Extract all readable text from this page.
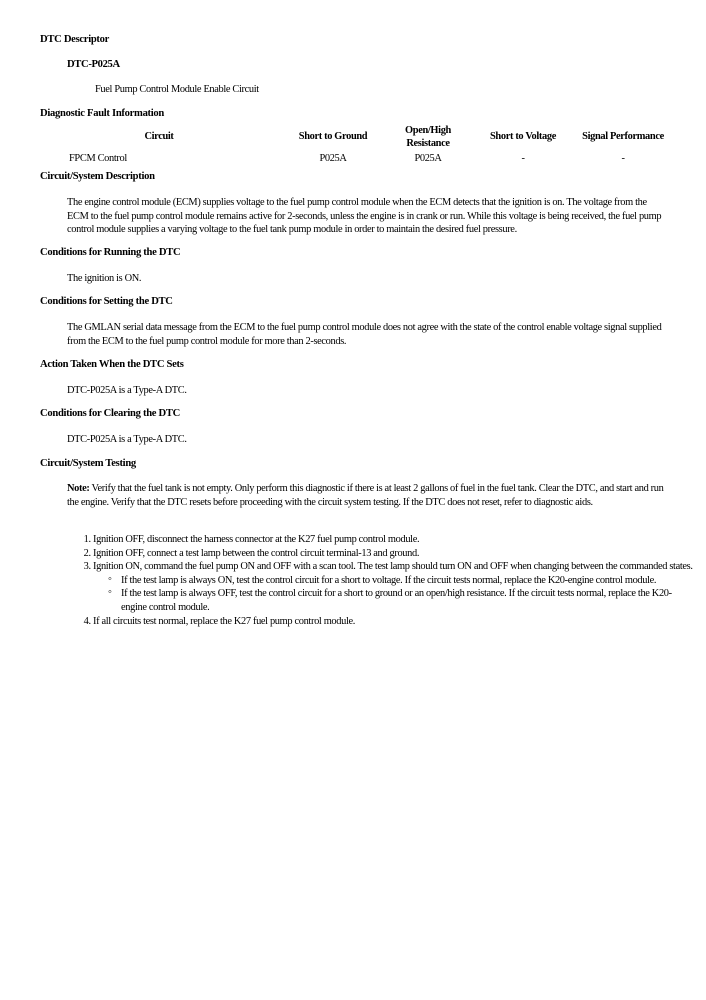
DTC Descriptor
DTC-P025A
Fuel Pump Control Module Enable Circuit
Diagnostic Fault Information
Circuit	Short to Ground	Open/High Resistance	Short to Voltage	Signal Performance
FPCM Control	P025A	P025A	-	-
Circuit/System Description
The engine control module (ECM) supplies voltage to the fuel pump control module when the ECM detects that the ignition is on. The voltage from the ECM to the fuel pump control module remains active for 2-seconds, unless the engine is in crank or run. While this voltage is being received, the fuel pump control module supplies a varying voltage to the fuel tank pump module in order to maintain the desired fuel pressure.
Conditions for Running the DTC
The ignition is ON.
Conditions for Setting the DTC
The GMLAN serial data message from the ECM to the fuel pump control module does not agree with the state of the control enable voltage signal supplied from the ECM to the fuel pump control module for more than 2-seconds.
Action Taken When the DTC Sets
DTC-P025A is a Type-A DTC.
Conditions for Clearing the DTC
DTC-P025A is a Type-A DTC.
Circuit/System Testing
Note: Verify that the fuel tank is not empty. Only perform this diagnostic if there is at least 2 gallons of fuel in the fuel tank. Clear the DTC, and start and run the engine. Verify that the DTC resets before proceeding with the circuit system testing. If the DTC does not reset, refer to diagnostic aids.
1. Ignition OFF, disconnect the harness connector at the K27 fuel pump control module.
2. Ignition OFF, connect a test lamp between the control circuit terminal-13 and ground.
3. Ignition ON, command the fuel pump ON and OFF with a scan tool. The test lamp should turn ON and OFF when changing between the commanded states.
◦ If the test lamp is always ON, test the control circuit for a short to voltage. If the circuit tests normal, replace the K20-engine control module.
◦ If the test lamp is always OFF, test the control circuit for a short to ground or an open/high resistance. If the circuit tests normal, replace the K20-engine control module.
4. If all circuits test normal, replace the K27 fuel pump control module.
